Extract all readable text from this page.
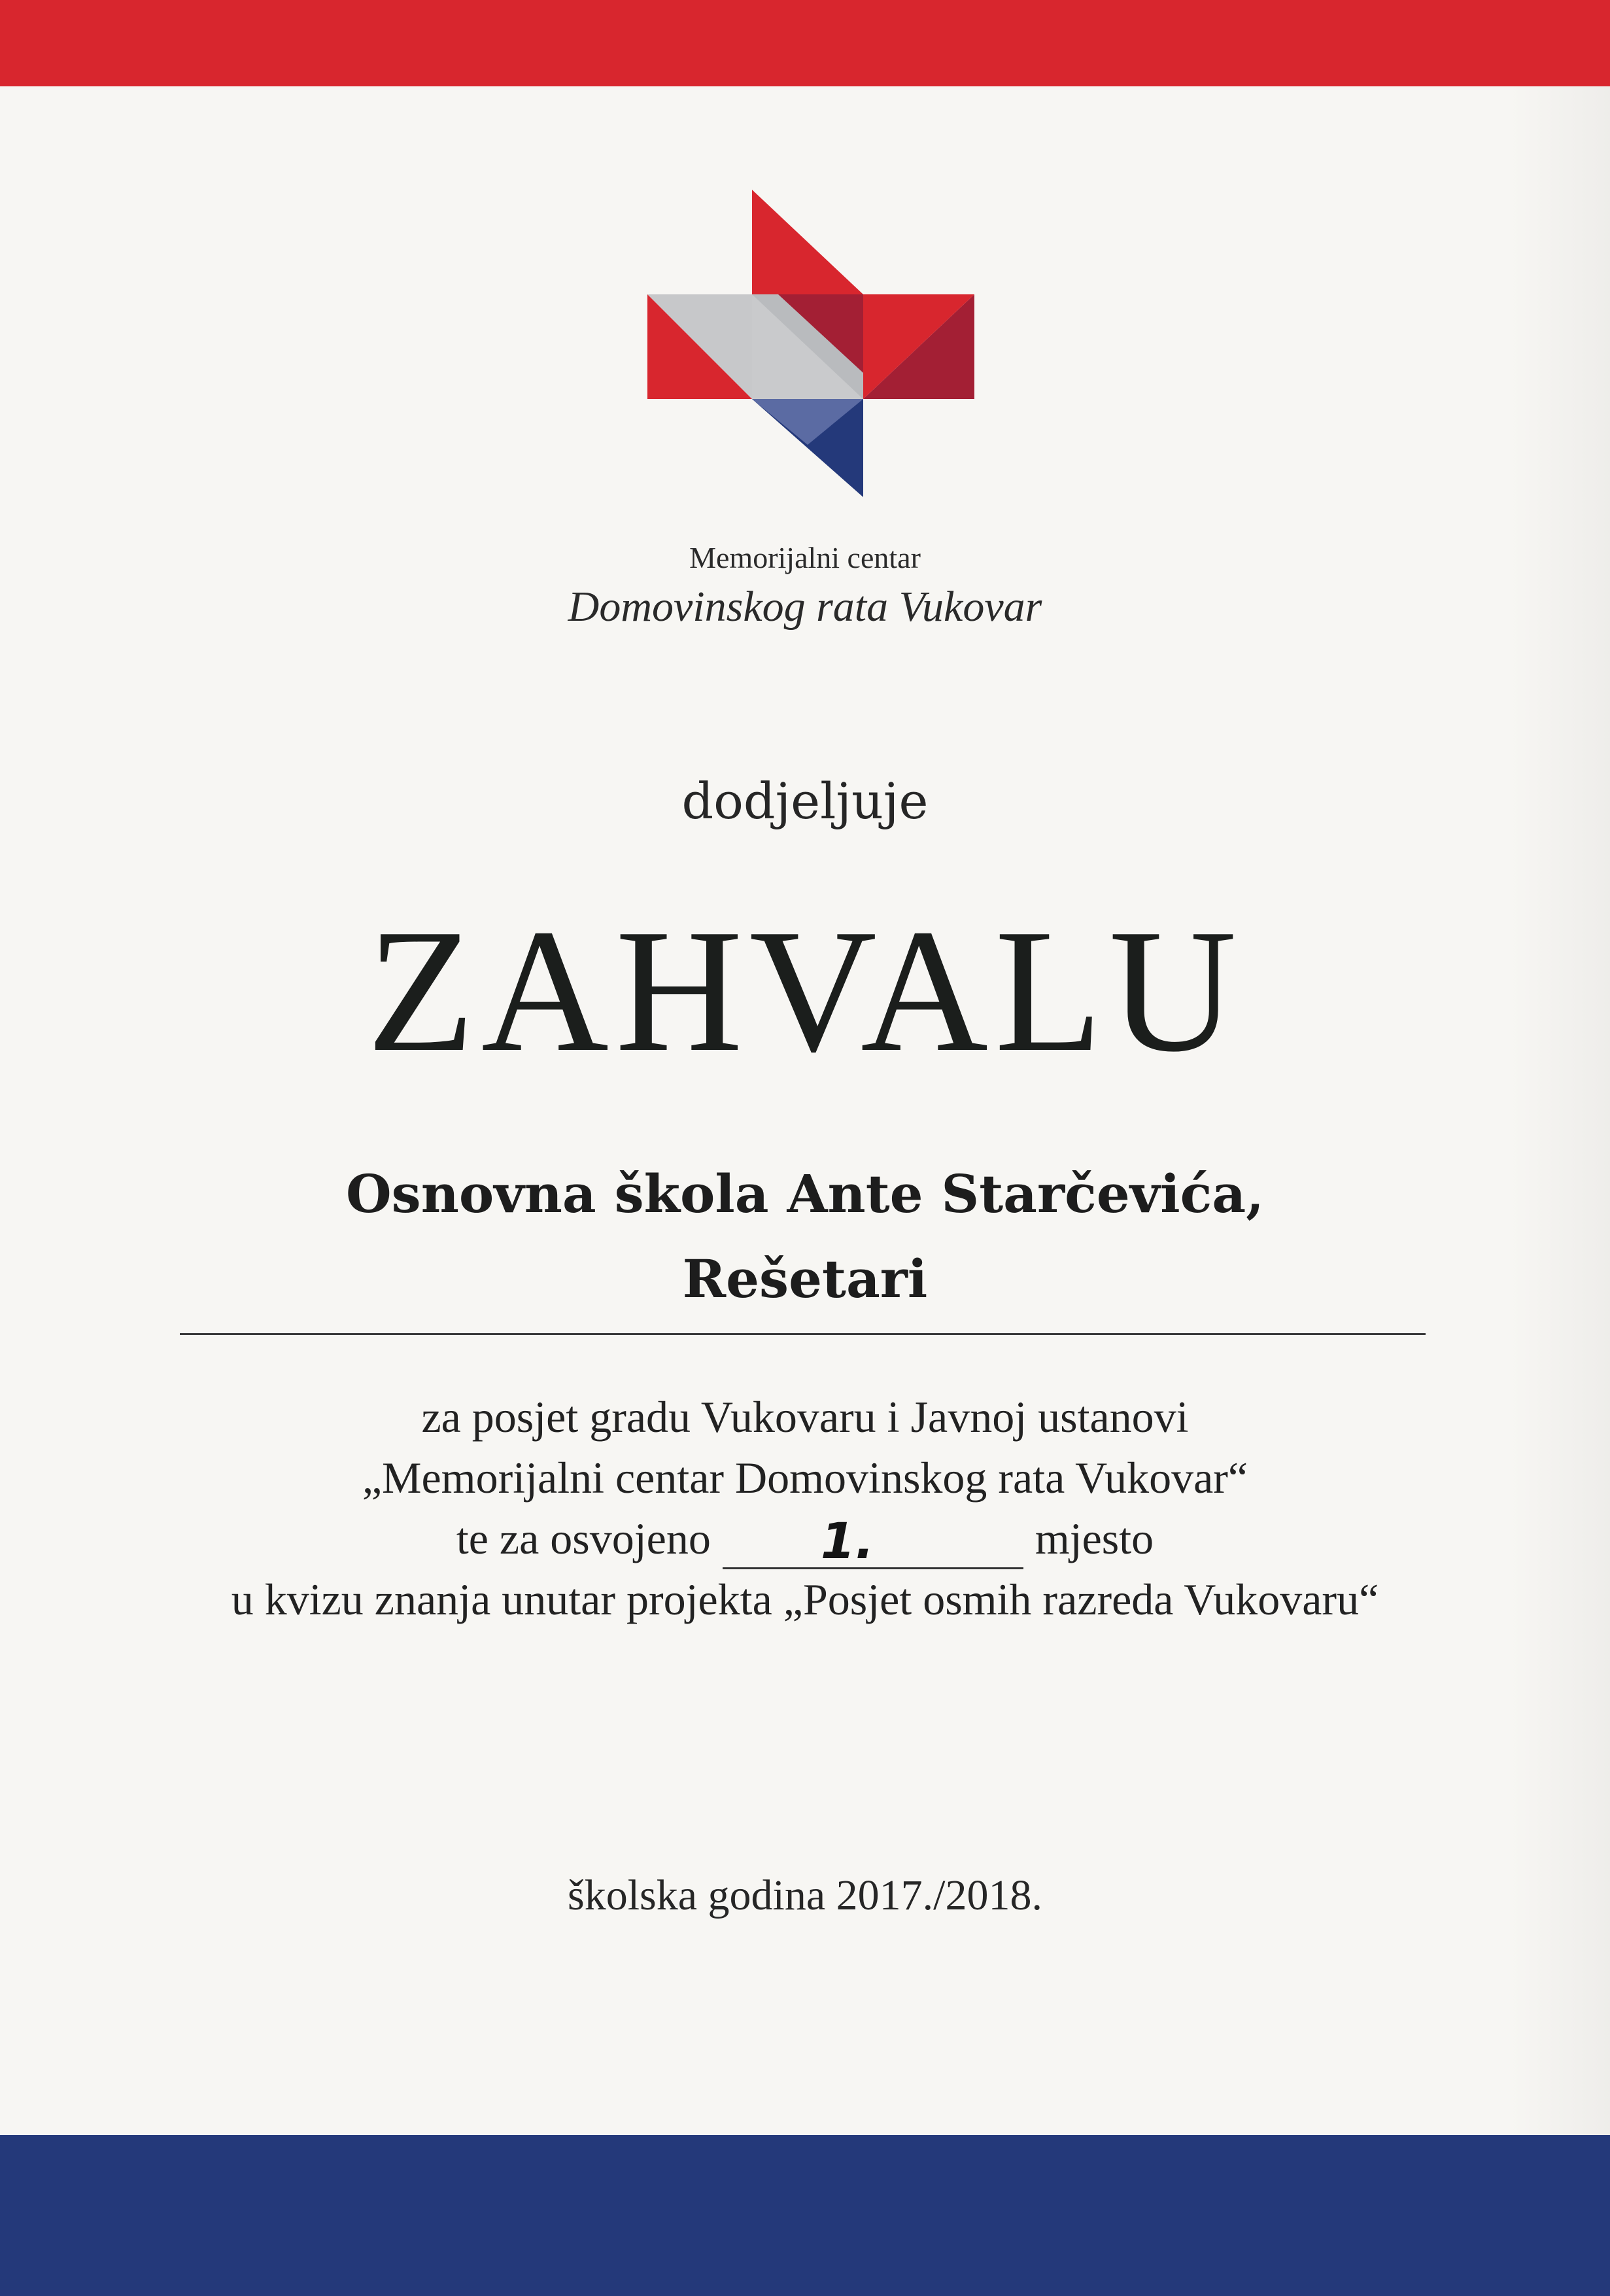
Memorijalni centar
Domovinskog rata Vukovar
dodjeljuje
ZAHVALU
Osnovna škola Ante Starčevića,
Rešetari
za posjet gradu Vukovaru i Javnoj ustanovi
„Memorijalni centar Domovinskog rata Vukovar“
te za osvojeno 1.	mjesto
u kvizu znanja unutar projekta „Posjet osmih razreda Vukovaru“
školska godina 2017./2018.
